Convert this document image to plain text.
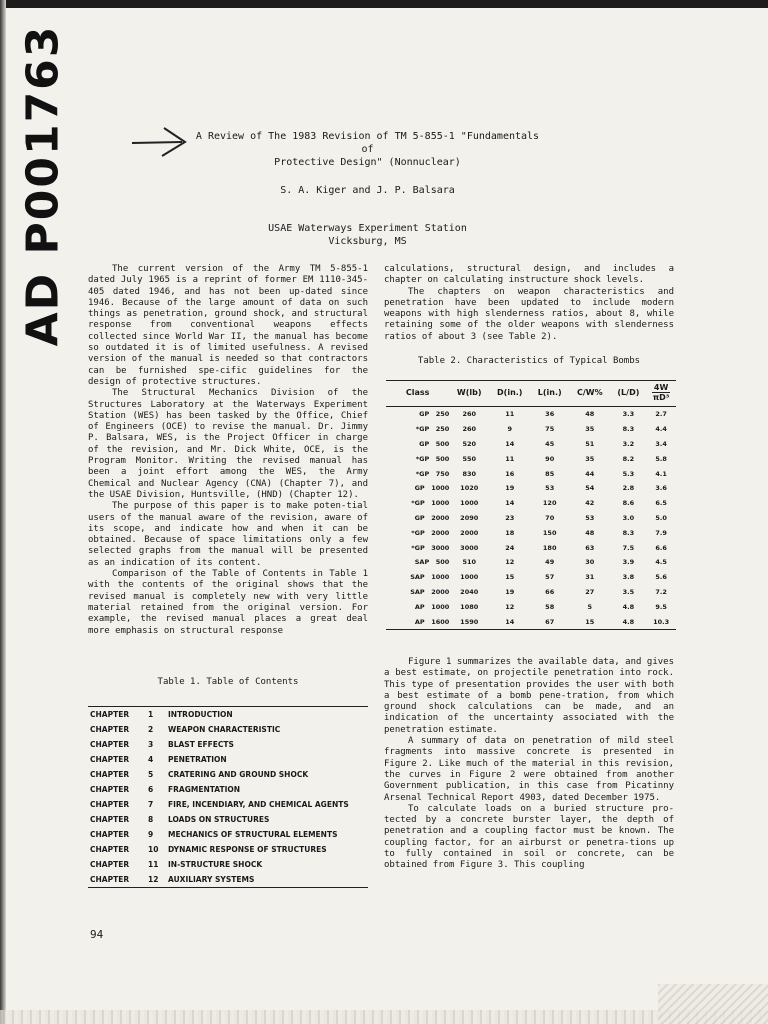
AD P001763	A Review of The 1983 Revision of TM 5-855-1 "Fundamentals of
Protective Design" (Nonnuclear)
S. A. Kiger and J. P. Balsara
USAE Waterways Experiment Station
Vicksburg, MS

The current version of the Army TM 5-855-1 dated July 1965 is a reprint of former EM 1110-345-405 dated 1946, and has not been up-dated since 1946. Because of the large amount of data on such things as penetration, ground shock, and structural response from conventional weapons effects collected since World War II, the manual has become so outdated it is of limited usefulness. A revised version of the manual is needed so that contractors can be furnished spe-cific guidelines for the design of protective structures.

The Structural Mechanics Division of the Structures Laboratory at the Waterways Experiment Station (WES) has been tasked by the Office, Chief of Engineers (OCE) to revise the manual. Dr. Jimmy P. Balsara, WES, is the Project Officer in charge of the revision, and Mr. Dick White, OCE, is the Program Monitor. Writing the revised manual has been a joint effort among the WES, the Army Chemical and Nuclear Agency (CNA) (Chapter 7), and the USAE Division, Huntsville, (HND) (Chapter 12).

The purpose of this paper is to make poten-tial users of the manual aware of the revision, aware of its scope, and indicate how and when it can be obtained. Because of space limitations only a few selected graphs from the manual will be presented as an indication of its content.

Comparison of the Table of Contents in Table 1 with the contents of the original shows that the revised manual is completely new with very little material retained from the original version. For example, the revised manual places a great deal more emphasis on structural response

calculations, structural design, and includes a chapter on calculating instructure shock levels.

The chapters on weapon characteristics and penetration have been updated to include modern weapons with high slenderness ratios, about 8, while retaining some of the older weapons with slenderness ratios of about 3 (see Table 2).

Table 2. Characteristics of Typical Bombs
Class	W(lb)	D(in.)	L(in.)	C/W%	(L/D)	4W
πD³
GP  250	260	11	36	48	3.3	2.7
*GP  250	260	9	75	35	8.3	4.4
GP  500	520	14	45	51	3.2	3.4
*GP  500	550	11	90	35	8.2	5.8
*GP  750	830	16	85	44	5.3	4.1
GP  1000	1020	19	53	54	2.8	3.6
*GP  1000	1000	14	120	42	8.6	6.5
GP  2000	2090	23	70	53	3.0	5.0
*GP  2000	2000	18	150	48	8.3	7.9
*GP  3000	3000	24	180	63	7.5	6.6
SAP  500	510	12	49	30	3.9	4.5
SAP  1000	1000	15	57	31	3.8	5.6
SAP  2000	2040	19	66	27	3.5	7.2
AP  1000	1080	12	58	5	4.8	9.5
AP  1600	1590	14	67	15	4.8	10.3
Table 1. Table of Contents
CHAPTER	1	INTRODUCTION
CHAPTER	2	WEAPON CHARACTERISTIC
CHAPTER	3	BLAST EFFECTS
CHAPTER	4	PENETRATION
CHAPTER	5	CRATERING AND GROUND SHOCK
CHAPTER	6	FRAGMENTATION
CHAPTER	7	FIRE, INCENDIARY, AND CHEMICAL AGENTS
CHAPTER	8	LOADS ON STRUCTURES
CHAPTER	9	MECHANICS OF STRUCTURAL ELEMENTS
CHAPTER	10	DYNAMIC RESPONSE OF STRUCTURES
CHAPTER	11	IN-STRUCTURE SHOCK
CHAPTER	12	AUXILIARY SYSTEMS

Figure 1 summarizes the available data, and gives a best estimate, on projectile penetration into rock. This type of presentation provides the user with both a best estimate of a bomb pene-tration, from which ground shock calculations can be made, and an indication of the uncertainty associated with the penetration estimate.

A summary of data on penetration of mild steel fragments into massive concrete is presented in Figure 2. Like much of the material in this revision, the curves in Figure 2 were obtained from another Government publication, in this case from Picatinny Arsenal Technical Report 4903, dated December 1975.

To calculate loads on a buried structure pro-tected by a concrete burster layer, the depth of penetration and a coupling factor must be known. The coupling factor, for an airburst or penetra-tions up to fully contained in soil or concrete, can be obtained from Figure 3. This coupling

94
